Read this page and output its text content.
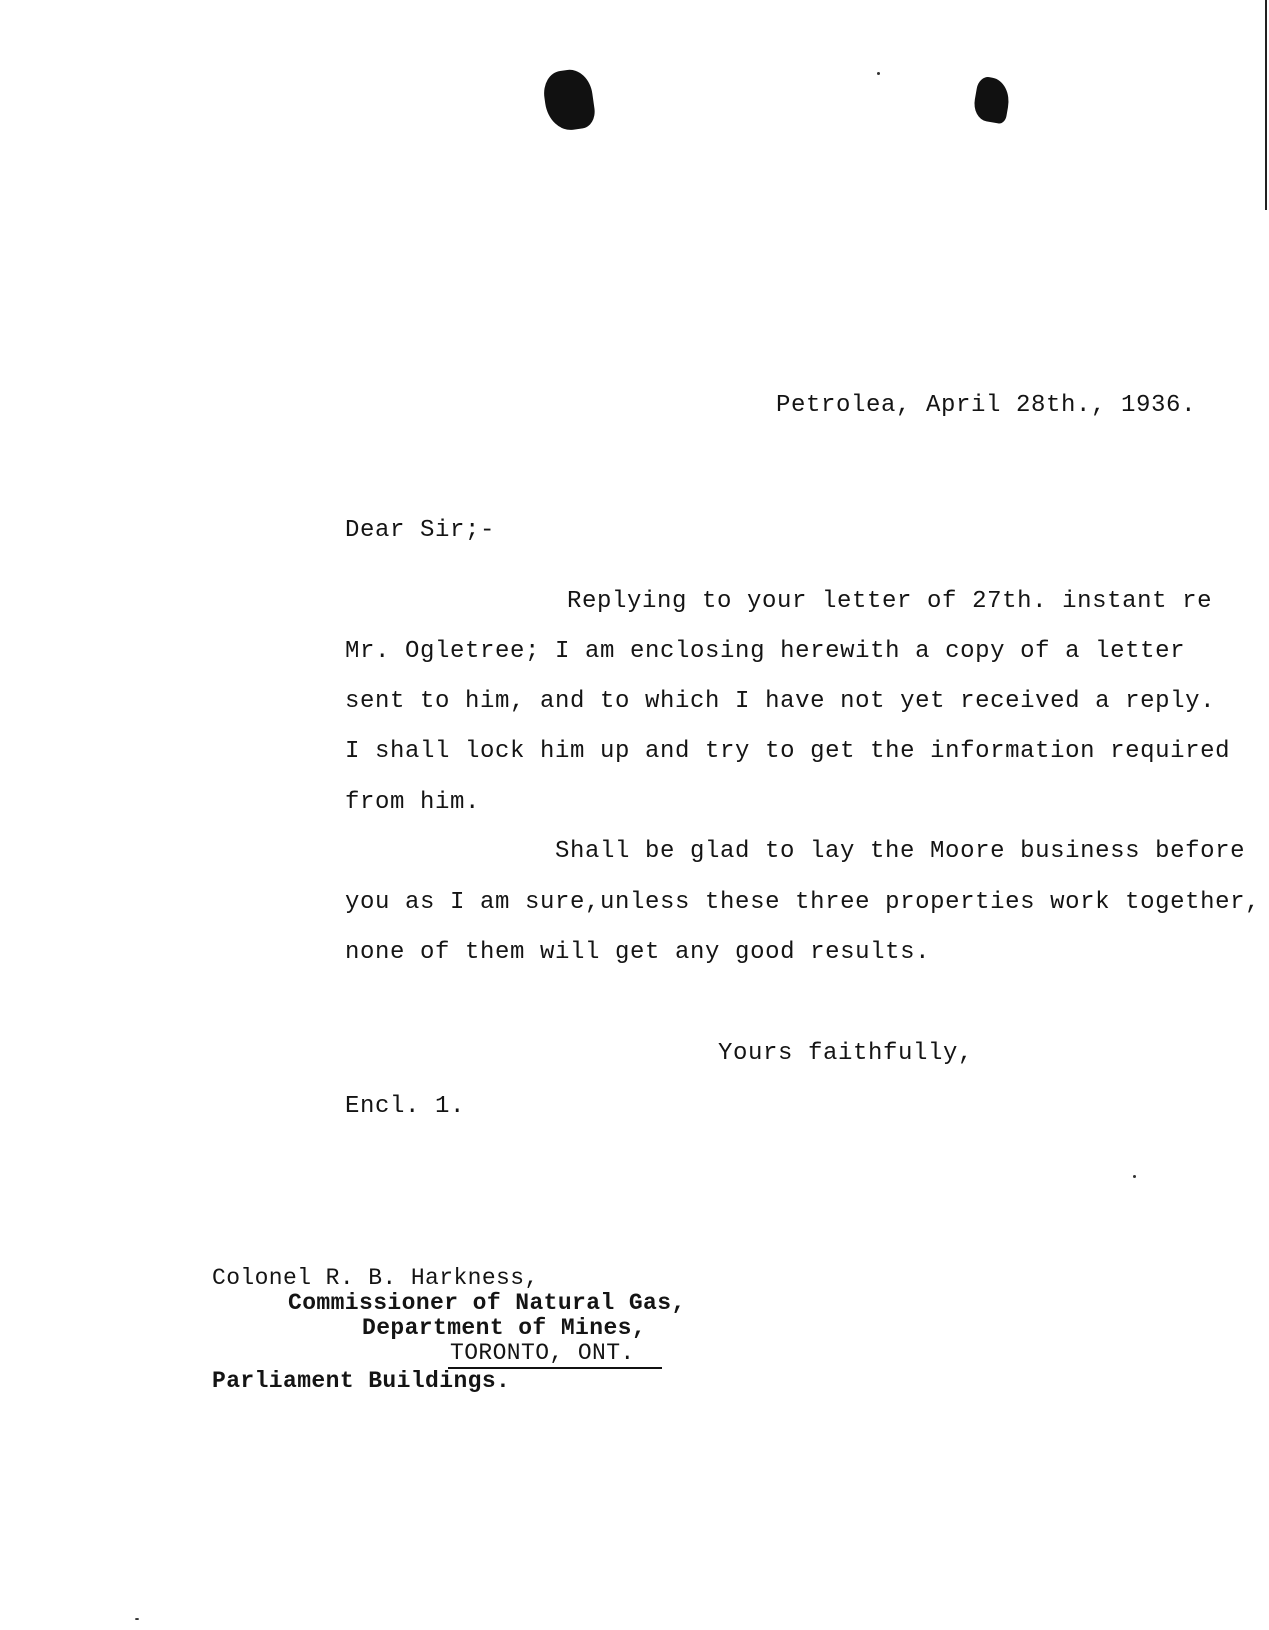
Petrolea, April 28th., 1936.
Dear Sir;-
Replying to your letter of 27th. instant re
Mr. Ogletree; I am enclosing herewith a copy of a letter
sent to him, and to which I have not yet received a reply.
I shall lock him up and try to get the information required
from him.
Shall be glad to lay the Moore business before
you as I am sure,unless these three properties work together,
none of them will get any good results.
Yours faithfully,
Encl. 1.
Colonel R. B. Harkness,
Commissioner of Natural Gas,
Department of Mines,
TORONTO, ONT.
Parliament Buildings.
